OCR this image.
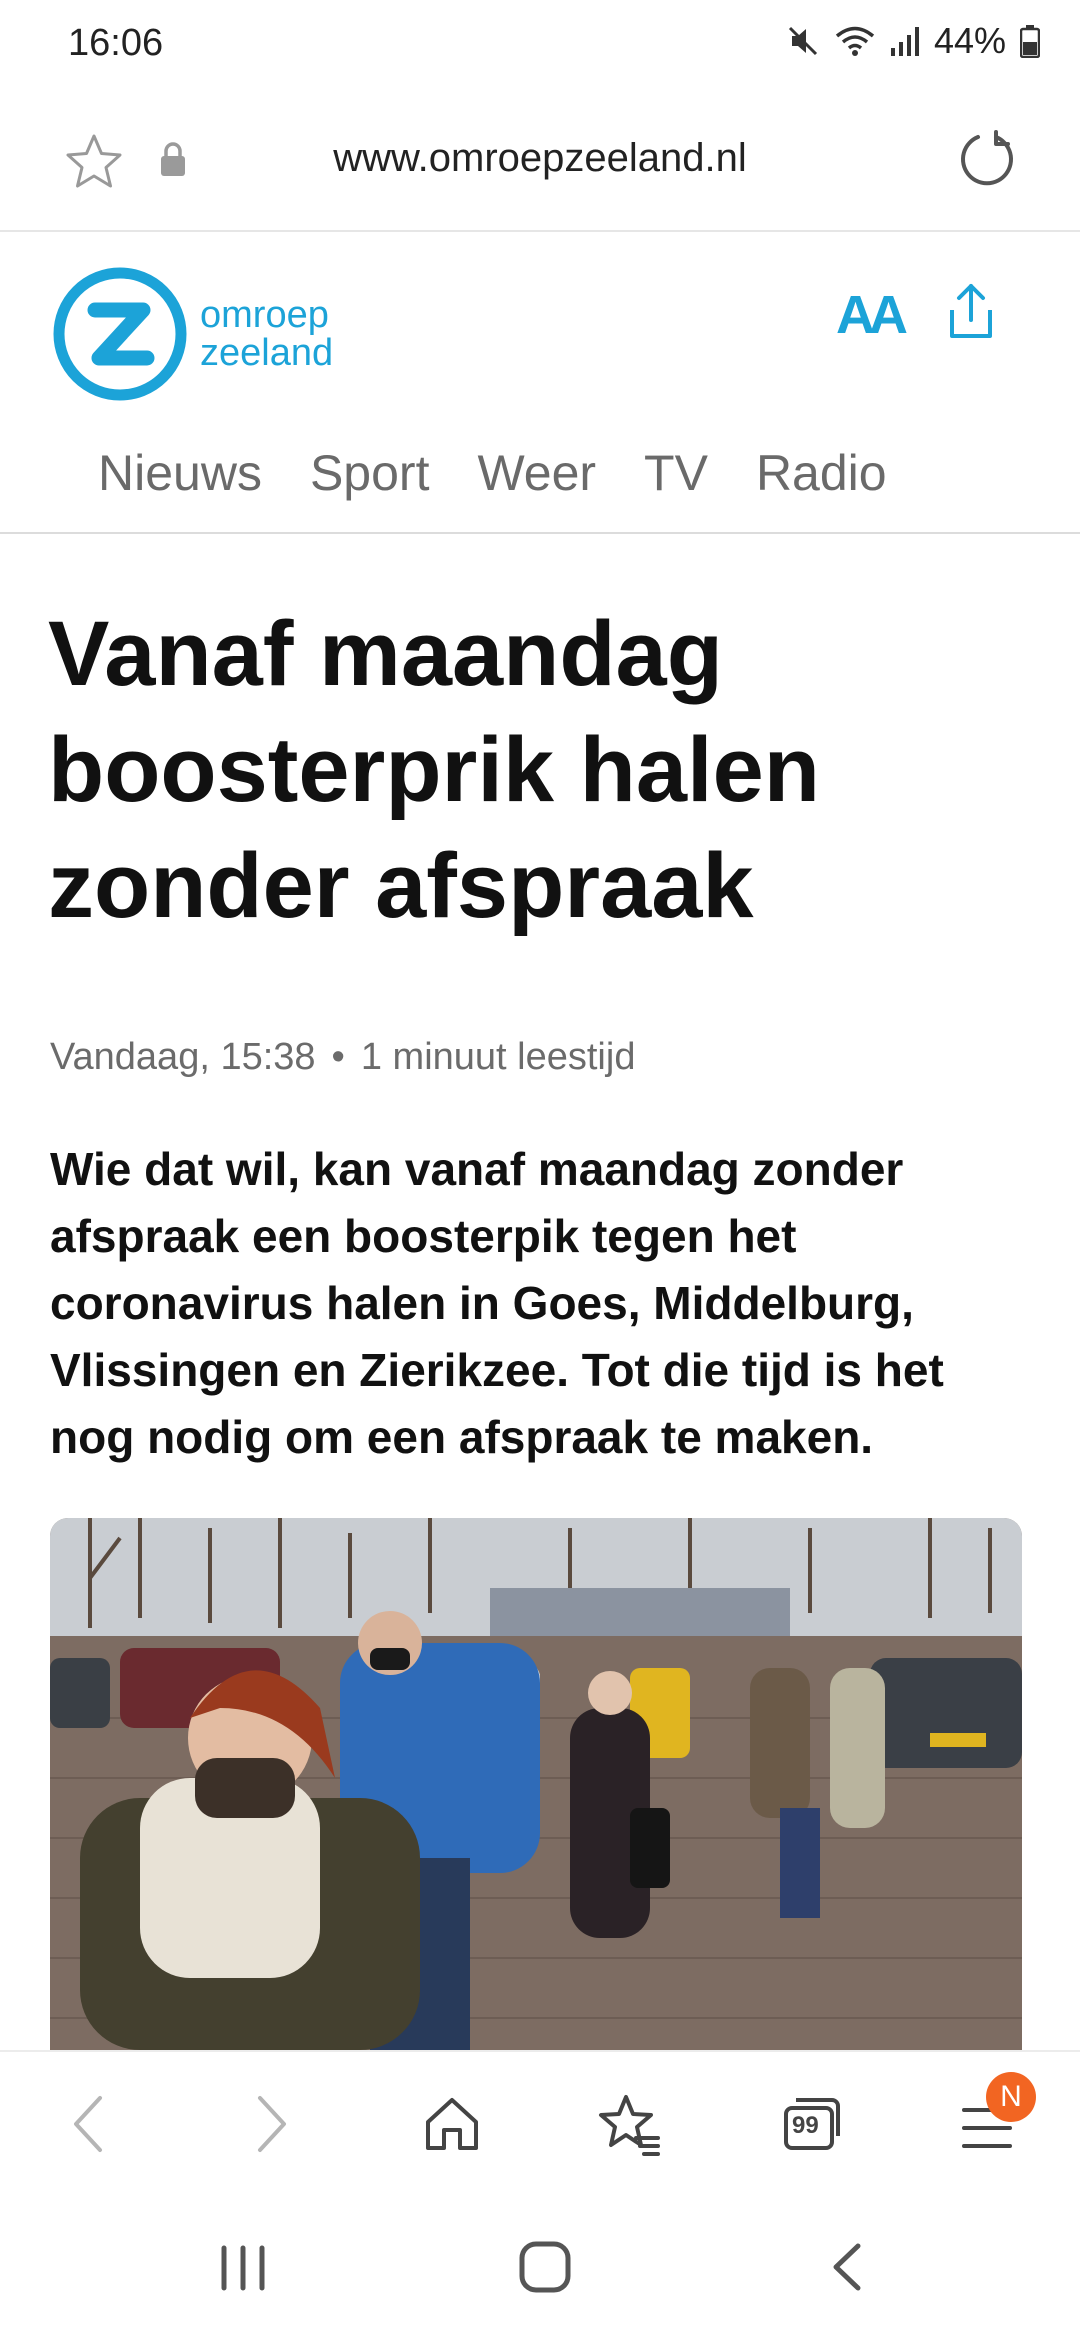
16:06	44%
www.omroepzeeland.nl
omroep
zeeland
AA
Nieuws Sport Weer TV Radio
Vanaf maandag boosterprik halen zonder afspraak
Vandaag, 15:38 • 1 minuut leestijd

Wie dat wil, kan vanaf maandag zonder afspraak een boosterpik tegen het coronavirus halen in Goes, Middelburg, Vlissingen en Zierikzee. Tot die tijd is het nog nodig om een afspraak te maken.

99
N
